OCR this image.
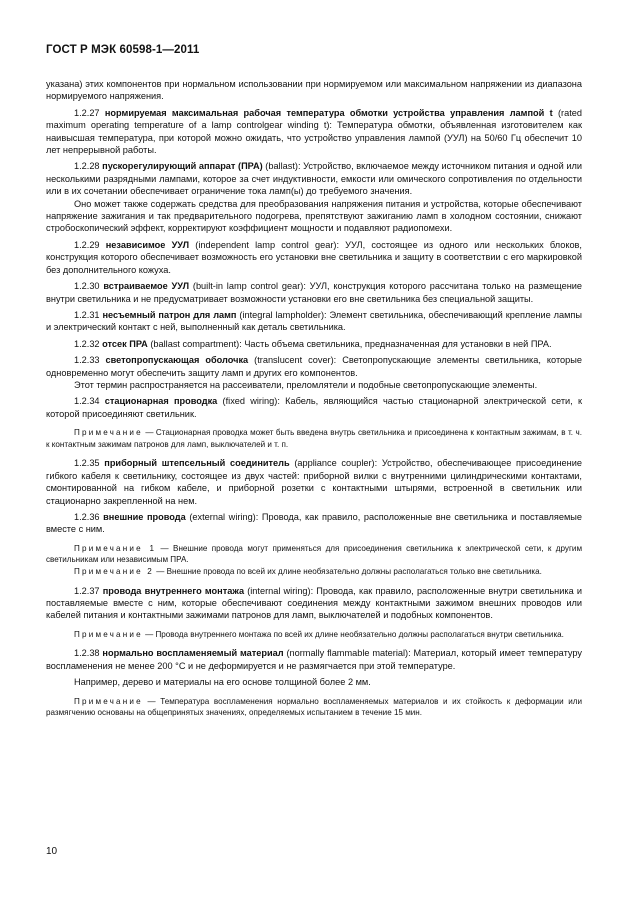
ГОСТ Р МЭК 60598-1—2011

указана) этих компонентов при нормальном использовании при нормируемом или максимальном напряжении из диапазона нормируемого напряжения.

1.2.27 нормируемая максимальная рабочая температура обмотки устройства управления лампой t (rated maximum operating temperature of a lamp controlgear winding t): Температура обмотки, объявленная изготовителем как наивысшая температура, при которой можно ожидать, что устройство управления лампой (УУЛ) на 50/60 Гц обеспечит 10 лет непрерывной работы.

1.2.28 пускорегулирующий аппарат (ПРА) (ballast): Устройство, включаемое между источником питания и одной или несколькими разрядными лампами, которое за счет индуктивности, емкости или омического сопротивления по отдельности или в их сочетании обеспечивает ограничение тока ламп(ы) до требуемого значения.

Оно может также содержать средства для преобразования напряжения питания и устройства, которые обеспечивают напряжение зажигания и так предварительного подогрева, препятствуют зажиганию ламп в холодном состоянии, снижают стробоскопический эффект, корректируют коэффициент мощности и подавляют радиопомехи.

1.2.29 независимое УУЛ (independent lamp control gear): УУЛ, состоящее из одного или нескольких блоков, конструкция которого обеспечивает возможность его установки вне светильника и защиту в соответствии с его маркировкой без дополнительного кожуха.

1.2.30 встраиваемое УУЛ (built-in lamp control gear): УУЛ, конструкция которого рассчитана только на размещение внутри светильника и не предусматривает возможности установки его вне светильника без специальной защиты.

1.2.31 несъемный патрон для ламп (integral lampholder): Элемент светильника, обеспечивающий крепление лампы и электрический контакт с ней, выполненный как деталь светильника.

1.2.32 отсек ПРА (ballast compartment): Часть объема светильника, предназначенная для установки в ней ПРА.

1.2.33 светопропускающая оболочка (translucent cover): Светопропускающие элементы светильника, которые одновременно могут обеспечить защиту ламп и других его компонентов.

Этот термин распространяется на рассеиватели, преломлятели и подобные светопропускающие элементы.

1.2.34 стационарная проводка (fixed wiring): Кабель, являющийся частью стационарной электрической сети, к которой присоединяют светильник.

Примечание — Стационарная проводка может быть введена внутрь светильника и присоединена к контактным зажимам, в т. ч. к контактным зажимам патронов для ламп, выключателей и т. п.

1.2.35 приборный штепсельный соединитель (appliance coupler): Устройство, обеспечивающее присоединение гибкого кабеля к светильнику, состоящее из двух частей: приборной вилки с внутренними цилиндрическими контактами, смонтированной на гибком кабеле, и приборной розетки с контактными штырями, встроенной в светильник или стационарно закрепленной на нем.

1.2.36 внешние провода (external wiring): Провода, как правило, расположенные вне светильника и поставляемые вместе с ним.

Примечание 1 — Внешние провода могут применяться для присоединения светильника к электрической сети, к другим светильникам или независимым ПРА.

Примечание 2 — Внешние провода по всей их длине необязательно должны располагаться только вне светильника.

1.2.37 провода внутреннего монтажа (internal wiring): Провода, как правило, расположенные внутри светильника и поставляемые вместе с ним, которые обеспечивают соединения между контактными зажимом внешних проводов или кабелей питания и контактными зажимами патронов для ламп, выключателей и подобных компонентов.

Примечание — Провода внутреннего монтажа по всей их длине необязательно должны располагаться внутри светильника.

1.2.38 нормально воспламеняемый материал (normally flammable material): Материал, который имеет температуру воспламенения не менее 200 °С и не деформируется и не размягчается при этой температуре.

Например, дерево и материалы на его основе толщиной более 2 мм.

Примечание — Температура воспламенения нормально воспламеняемых материалов и их стойкость к деформации или размягчению основаны на общепринятых значениях, определяемых испытанием в течение 15 мин.

10
